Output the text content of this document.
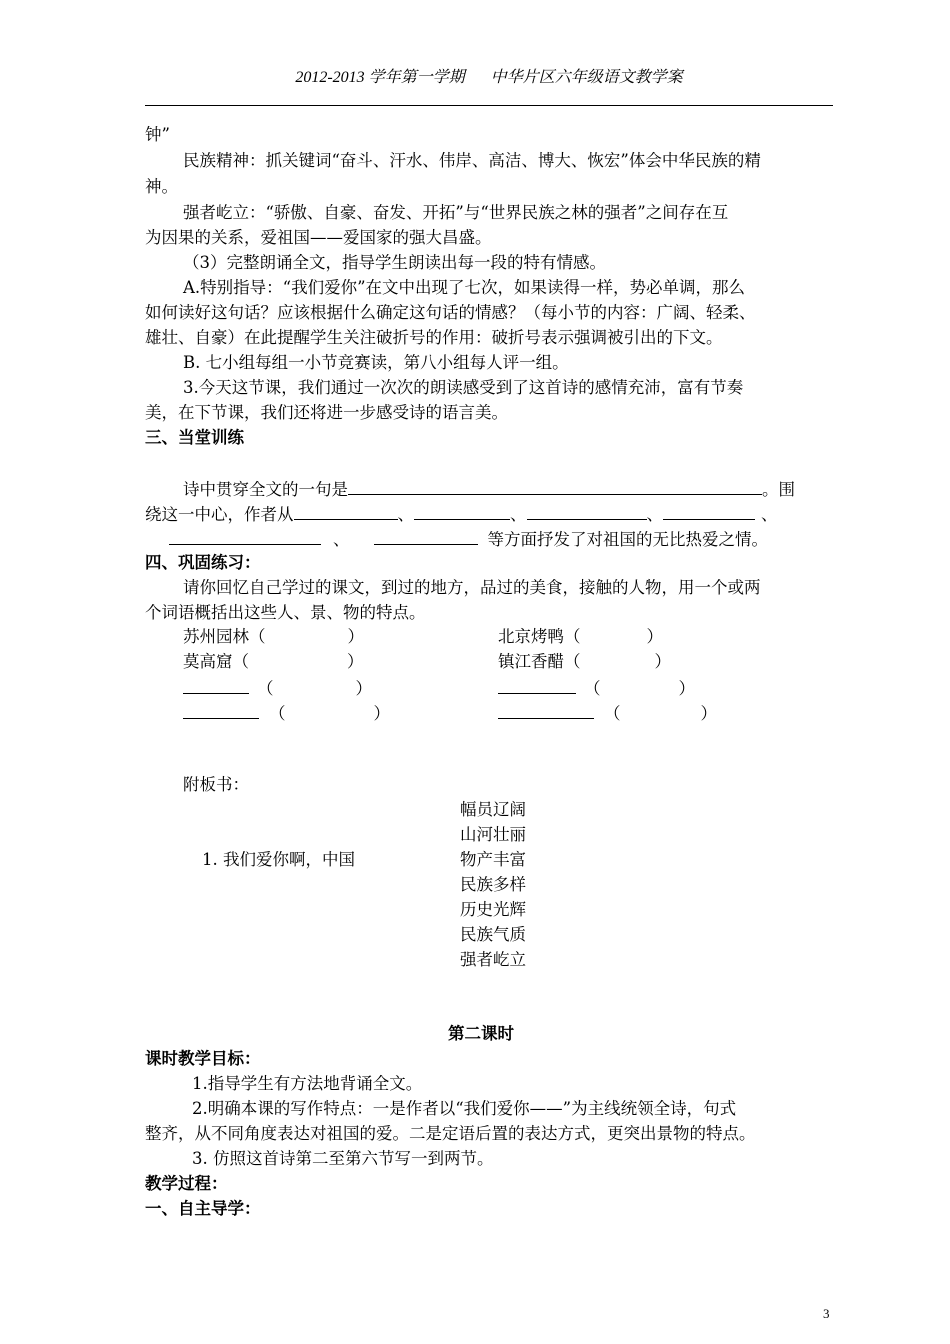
2012-2013 学年第一学期 中华片区六年级语文教学案
钟”
民族精神：抓关键词“奋斗、汗水、伟岸、高洁、博大、恢宏”体会中华民族的精
神。
强者屹立：“骄傲、自豪、奋发、开拓”与“世界民族之林的强者”之间存在互
为因果的关系，爱祖国——爱国家的强大昌盛。
（3）完整朗诵全文，指导学生朗读出每一段的特有情感。
A.特别指导：“我们爱你”在文中出现了七次，如果读得一样，势必单调，那么
如何读好这句话？应该根据什么确定这句话的情感？（每小节的内容：广阔、轻柔、
雄壮、自豪）在此提醒学生关注破折号的作用：破折号表示强调被引出的下文。
B. 七小组每组一小节竞赛读，第八小组每人评一组。
3.今天这节课，我们通过一次次的朗读感受到了这首诗的感情充沛，富有节奏
美，在下节课，我们还将进一步感受诗的语言美。
三、当堂训练
诗中贯穿全文的一句是	。围
绕这一中心，作者从	、	、	、	、
、	等方面抒发了对祖国的无比热爱之情。
四、巩固练习：
请你回忆自己学过的课文，到过的地方，品过的美食，接触的人物，用一个或两
个词语概括出这些人、景、物的特点。
苏州园林（	）	北京烤鸭（	）
莫高窟（	）	镇江香醋（	）
（	）	（	）
（	）	（	）
附板书：
幅员辽阔
山河壮丽
1. 我们爱你啊，中国	物产丰富
民族多样
历史光辉
民族气质
强者屹立
第二课时
课时教学目标：
1.指导学生有方法地背诵全文。
2.明确本课的写作特点：一是作者以“我们爱你——”为主线统领全诗，句式
整齐，从不同角度表达对祖国的爱。二是定语后置的表达方式，更突出景物的特点。
3. 仿照这首诗第二至第六节写一到两节。
教学过程：
一、自主导学：
3
